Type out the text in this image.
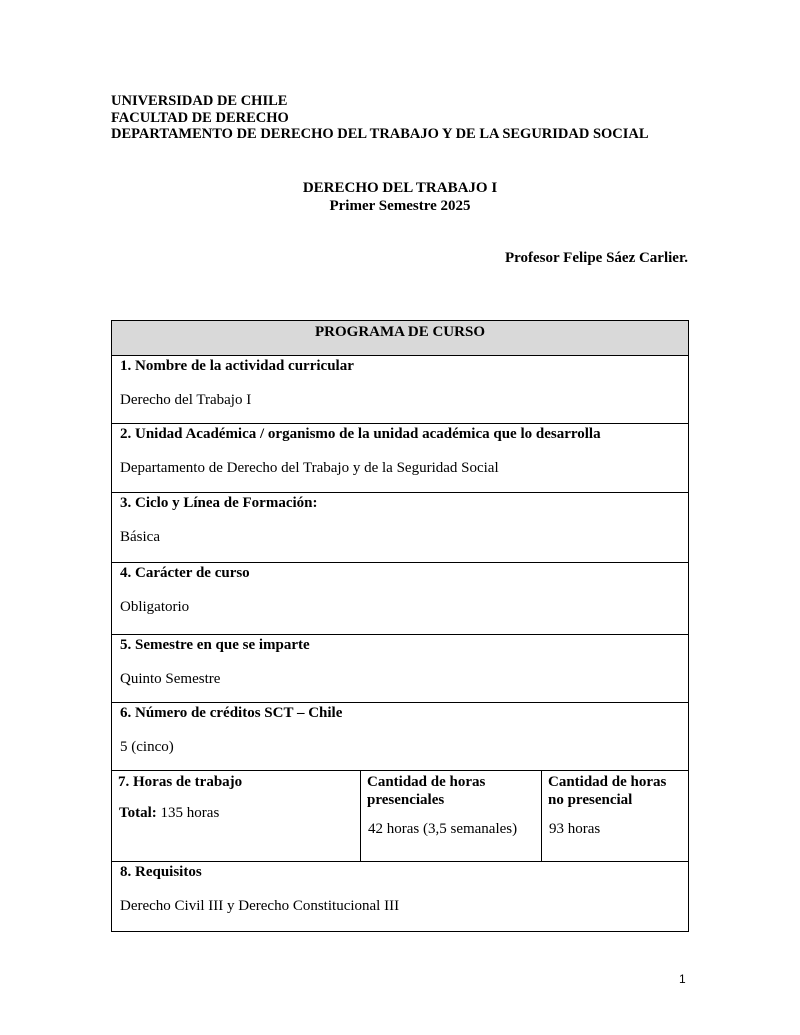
UNIVERSIDAD DE CHILE
FACULTAD DE DERECHO
DEPARTAMENTO DE DERECHO DEL TRABAJO Y DE LA SEGURIDAD SOCIAL
DERECHO DEL TRABAJO I
Primer Semestre 2025
Profesor Felipe Sáez Carlier.
PROGRAMA DE CURSO
1. Nombre de la actividad curricular
Derecho del Trabajo I
2. Unidad Académica / organismo de la unidad académica que lo desarrolla
Departamento de Derecho del Trabajo y de la Seguridad Social
3. Ciclo y Línea de Formación:
Básica
4. Carácter de curso
Obligatorio
5. Semestre en que se imparte
Quinto Semestre
6. Número de créditos SCT – Chile
5 (cinco)
7. Horas de trabajo
Total: 135 horas
Cantidad de horas presenciales
42 horas (3,5 semanales)
Cantidad de horas no presencial
93 horas
8. Requisitos
Derecho Civil III y Derecho Constitucional III
1
